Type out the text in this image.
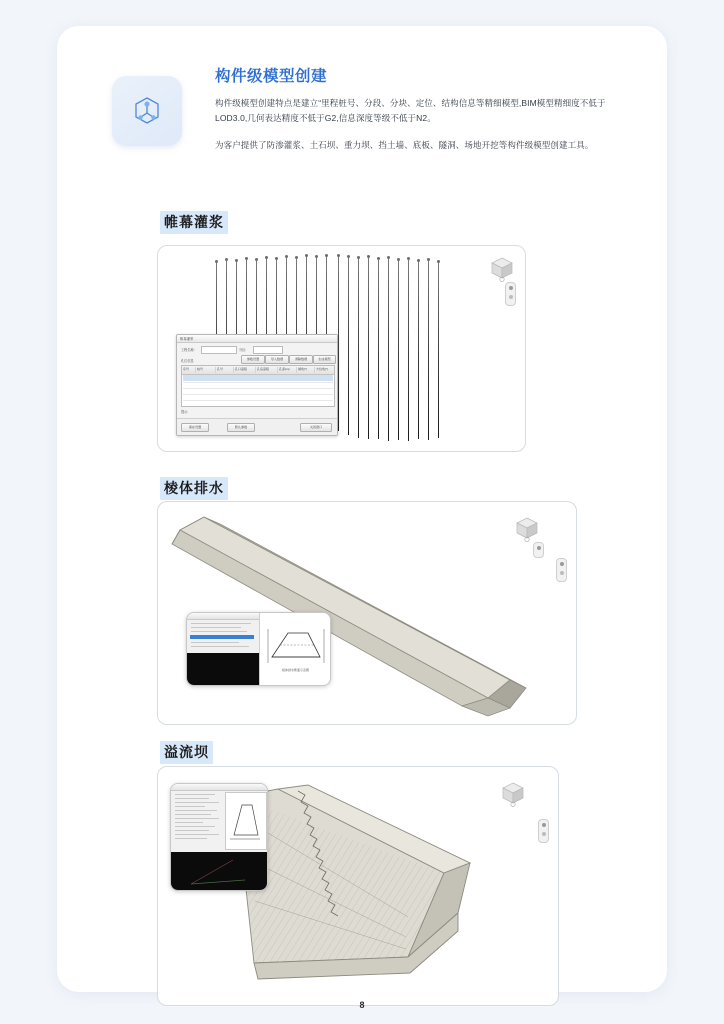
构件级模型创建

构件级模型创建特点是建立“里程桩号、分段、分块、定位、结构信息等精细模型,BIM模型精细度不低于LOD3.0,几何表达精度不低于G2,信息深度等级不低于N2。

为客户提供了防渗灌浆、土石坝、重力坝、挡土墙、底板、隧洞、场地开挖等构件级模型创建工具。

帷幕灌浆
帷幕灌浆
工程名称:	分区:
参数设置	导入数据	清除数据	生成模型
孔位信息
序号	桩号	孔号	孔口高程	孔底高程	孔深(m)	倾角(°)	方位角(°)
提示:
保存设置	默认参数	关闭窗口
棱体排水
棱体排水断面示意图
溢流坝
8
